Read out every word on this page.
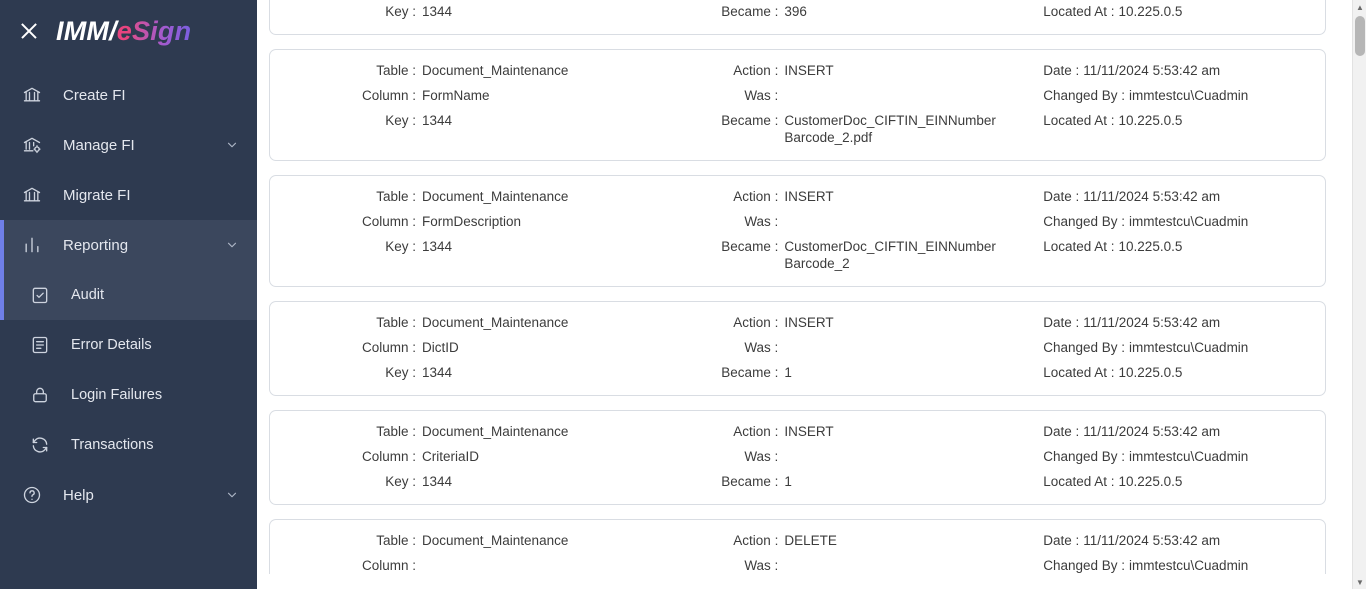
IMM / e Sign
Create FI
Manage FI
Migrate FI
Reporting
Audit
Error Details
Login Failures
Transactions
Help
Key : 1344	Became : 396	Located At : 10.225.0.5
Table : Document_Maintenance
Column : FormName
Key : 1344
Action : INSERT
Was :
Became : CustomerDoc_CIFTIN_EINNumberBarcode_2.pdf
Date : 11/11/2024 5:53:42 am
Changed By : immtestcu\Cuadmin
Located At : 10.225.0.5
Table : Document_Maintenance
Column : FormDescription
Key : 1344
Action : INSERT
Was :
Became : CustomerDoc_CIFTIN_EINNumberBarcode_2
Date : 11/11/2024 5:53:42 am
Changed By : immtestcu\Cuadmin
Located At : 10.225.0.5
Table : Document_Maintenance
Column : DictID
Key : 1344
Action : INSERT
Was :
Became : 1
Date : 11/11/2024 5:53:42 am
Changed By : immtestcu\Cuadmin
Located At : 10.225.0.5
Table : Document_Maintenance
Column : CriteriaID
Key : 1344
Action : INSERT
Was :
Became : 1
Date : 11/11/2024 5:53:42 am
Changed By : immtestcu\Cuadmin
Located At : 10.225.0.5
Table : Document_Maintenance
Column :
Action : DELETE
Was :
Date : 11/11/2024 5:53:42 am
Changed By : immtestcu\Cuadmin
▲
▼
